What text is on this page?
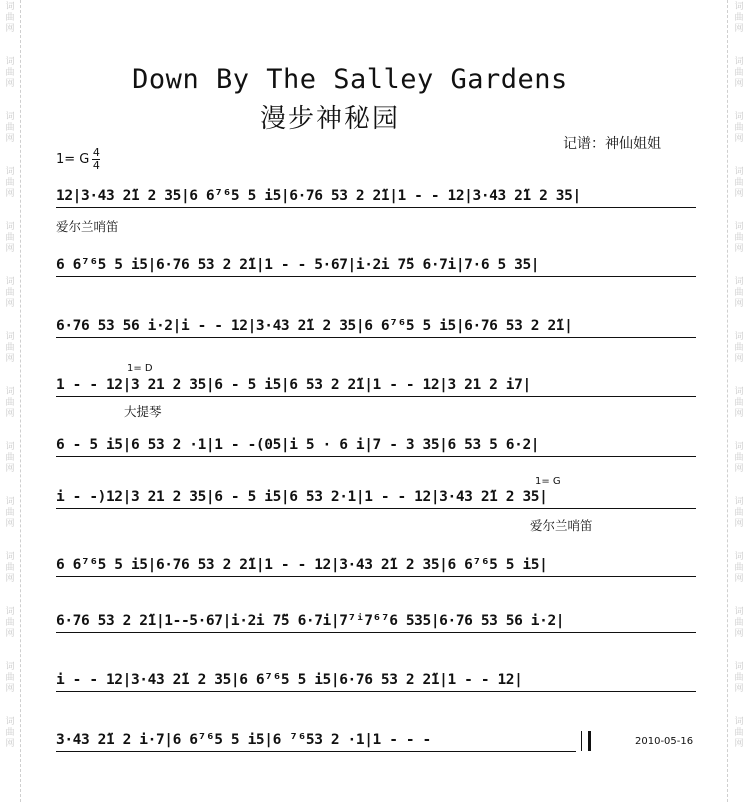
词
曲
网
词
曲
网
词
曲
网
词
曲
网
词
曲
网
词
曲
网
词
曲
网
词
曲
网
词
曲
网
词
曲
网
词
曲
网
词
曲
网
词
曲
网
词
曲
网
词
曲
网
词
曲
网
词
曲
网
词
曲
网
词
曲
网
词
曲
网
词
曲
网
词
曲
网
词
曲
网
词
曲
网
词
曲
网
词
曲
网
词
曲
网
词
曲
网
Down By The Salley Gardens
漫步神秘园
记谱：神仙姐姐
1= G $\frac{4}{4}$
12|3·43 2̈1 2 35|6 6⁷⁶5 5 i5|6·76 53 2 2̈1|1 - - 12|3·43 2̈1 2 35|
爱尔兰哨笛
6 6⁷⁶5 5 i5|6·76 53 2 2̈1|1 - - 5·67|i·2i 7̈5 6·7i|7·6 5 35|
6·76 53 56 i·2|i - - 12|3·43 2̈1 2 35|6 6⁷⁶5 5 i5|6·76 53 2 2̈1|
1= D
1 - - 12|3 21 2 35|6 - 5 i5|6 53 2 2̈1|1 - - 12|3 21 2 i7|
大提琴
6 - 5 i5|6 53 2 ·1|1 - -(05|i 5 · 6 i|7 - 3 35|6 53 5 6·2|
1= G
i - -)12|3 21 2 35|6 - 5 i5|6 53 2·1|1 - - 12|3·43 2̈1 2 35|
爱尔兰哨笛
6 6⁷⁶5 5 i5|6·76 53 2 2̈1|1 - - 12|3·43 2̈1 2 35|6 6⁷⁶5 5 i5|
6·76 53 2 2̈1|1--5·67|i·2i 7̈5 6·7i|7⁷ⁱ7⁶⁷6 535|6·76 53 56 i·2|
i - - 12|3·43 2̈1 2 35|6 6⁷⁶5 5 i5|6·76 53 2 2̈1|1 - - 12|
3·43 2̈1 2 i·7|6 6⁷⁶5 5 i5|6 ⁷⁶53 2 ·1|1 - - -	2010-05-16
